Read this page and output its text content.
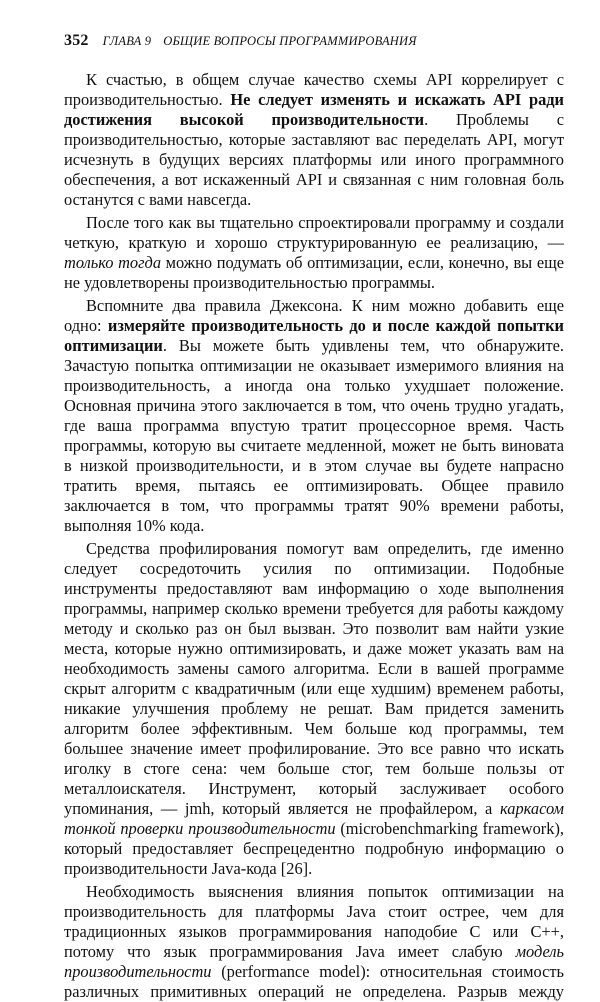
352 ГЛАВА 9 ОБЩИЕ ВОПРОСЫ ПРОГРАММИРОВАНИЯ

К счастью, в общем случае качество схемы API коррелирует с производительностью. Не следует изменять и искажать API ради достижения высокой производительности. Проблемы с производительностью, которые заставляют вас переделать API, могут исчезнуть в будущих версиях платформы или иного программного обеспечения, а вот искаженный API и связанная с ним головная боль останутся с вами навсегда.

После того как вы тщательно спроектировали программу и создали четкую, краткую и хорошо структурированную ее реализацию, — только тогда можно подумать об оптимизации, если, конечно, вы еще не удовлетворены производительностью программы.

Вспомните два правила Джексона. К ним можно добавить еще одно: измеряйте производительность до и после каждой попытки оптимизации. Вы можете быть удивлены тем, что обнаружите. Зачастую попытка оптимизации не оказывает измеримого влияния на производительность, а иногда она только ухудшает положение. Основная причина этого заключается в том, что очень трудно угадать, где ваша программа впустую тратит процессорное время. Часть программы, которую вы считаете медленной, может не быть виновата в низкой производительности, и в этом случае вы будете напрасно тратить время, пытаясь ее оптимизировать. Общее правило заключается в том, что программы тратят 90% времени работы, выполняя 10% кода.

Средства профилирования помогут вам определить, где именно следует сосредоточить усилия по оптимизации. Подобные инструменты предоставляют вам информацию о ходе выполнения программы, например сколько времени требуется для работы каждому методу и сколько раз он был вызван. Это позволит вам найти узкие места, которые нужно оптимизировать, и даже может указать вам на необходимость замены самого алгоритма. Если в вашей программе скрыт алгоритм с квадратичным (или еще худшим) временем работы, никакие улучшения проблему не решат. Вам придется заменить алгоритм более эффективным. Чем больше код программы, тем большее значение имеет профилирование. Это все равно что искать иголку в стоге сена: чем больше стог, тем больше пользы от металлоискателя. Инструмент, который заслуживает особого упоминания, — jmh, который является не профайлером, а каркасом тонкой проверки производительности (microbenchmarking framework), который предоставляет беспрецедентно подробную информацию о производительности Java-кода [26].

Необходимость выяснения влияния попыток оптимизации на производительность для платформы Java стоит острее, чем для традиционных языков программирования наподобие C или C++, потому что язык программирования Java имеет слабую модель производительности (performance model): относительная стоимость различных примитивных операций не определена. Разрыв между
